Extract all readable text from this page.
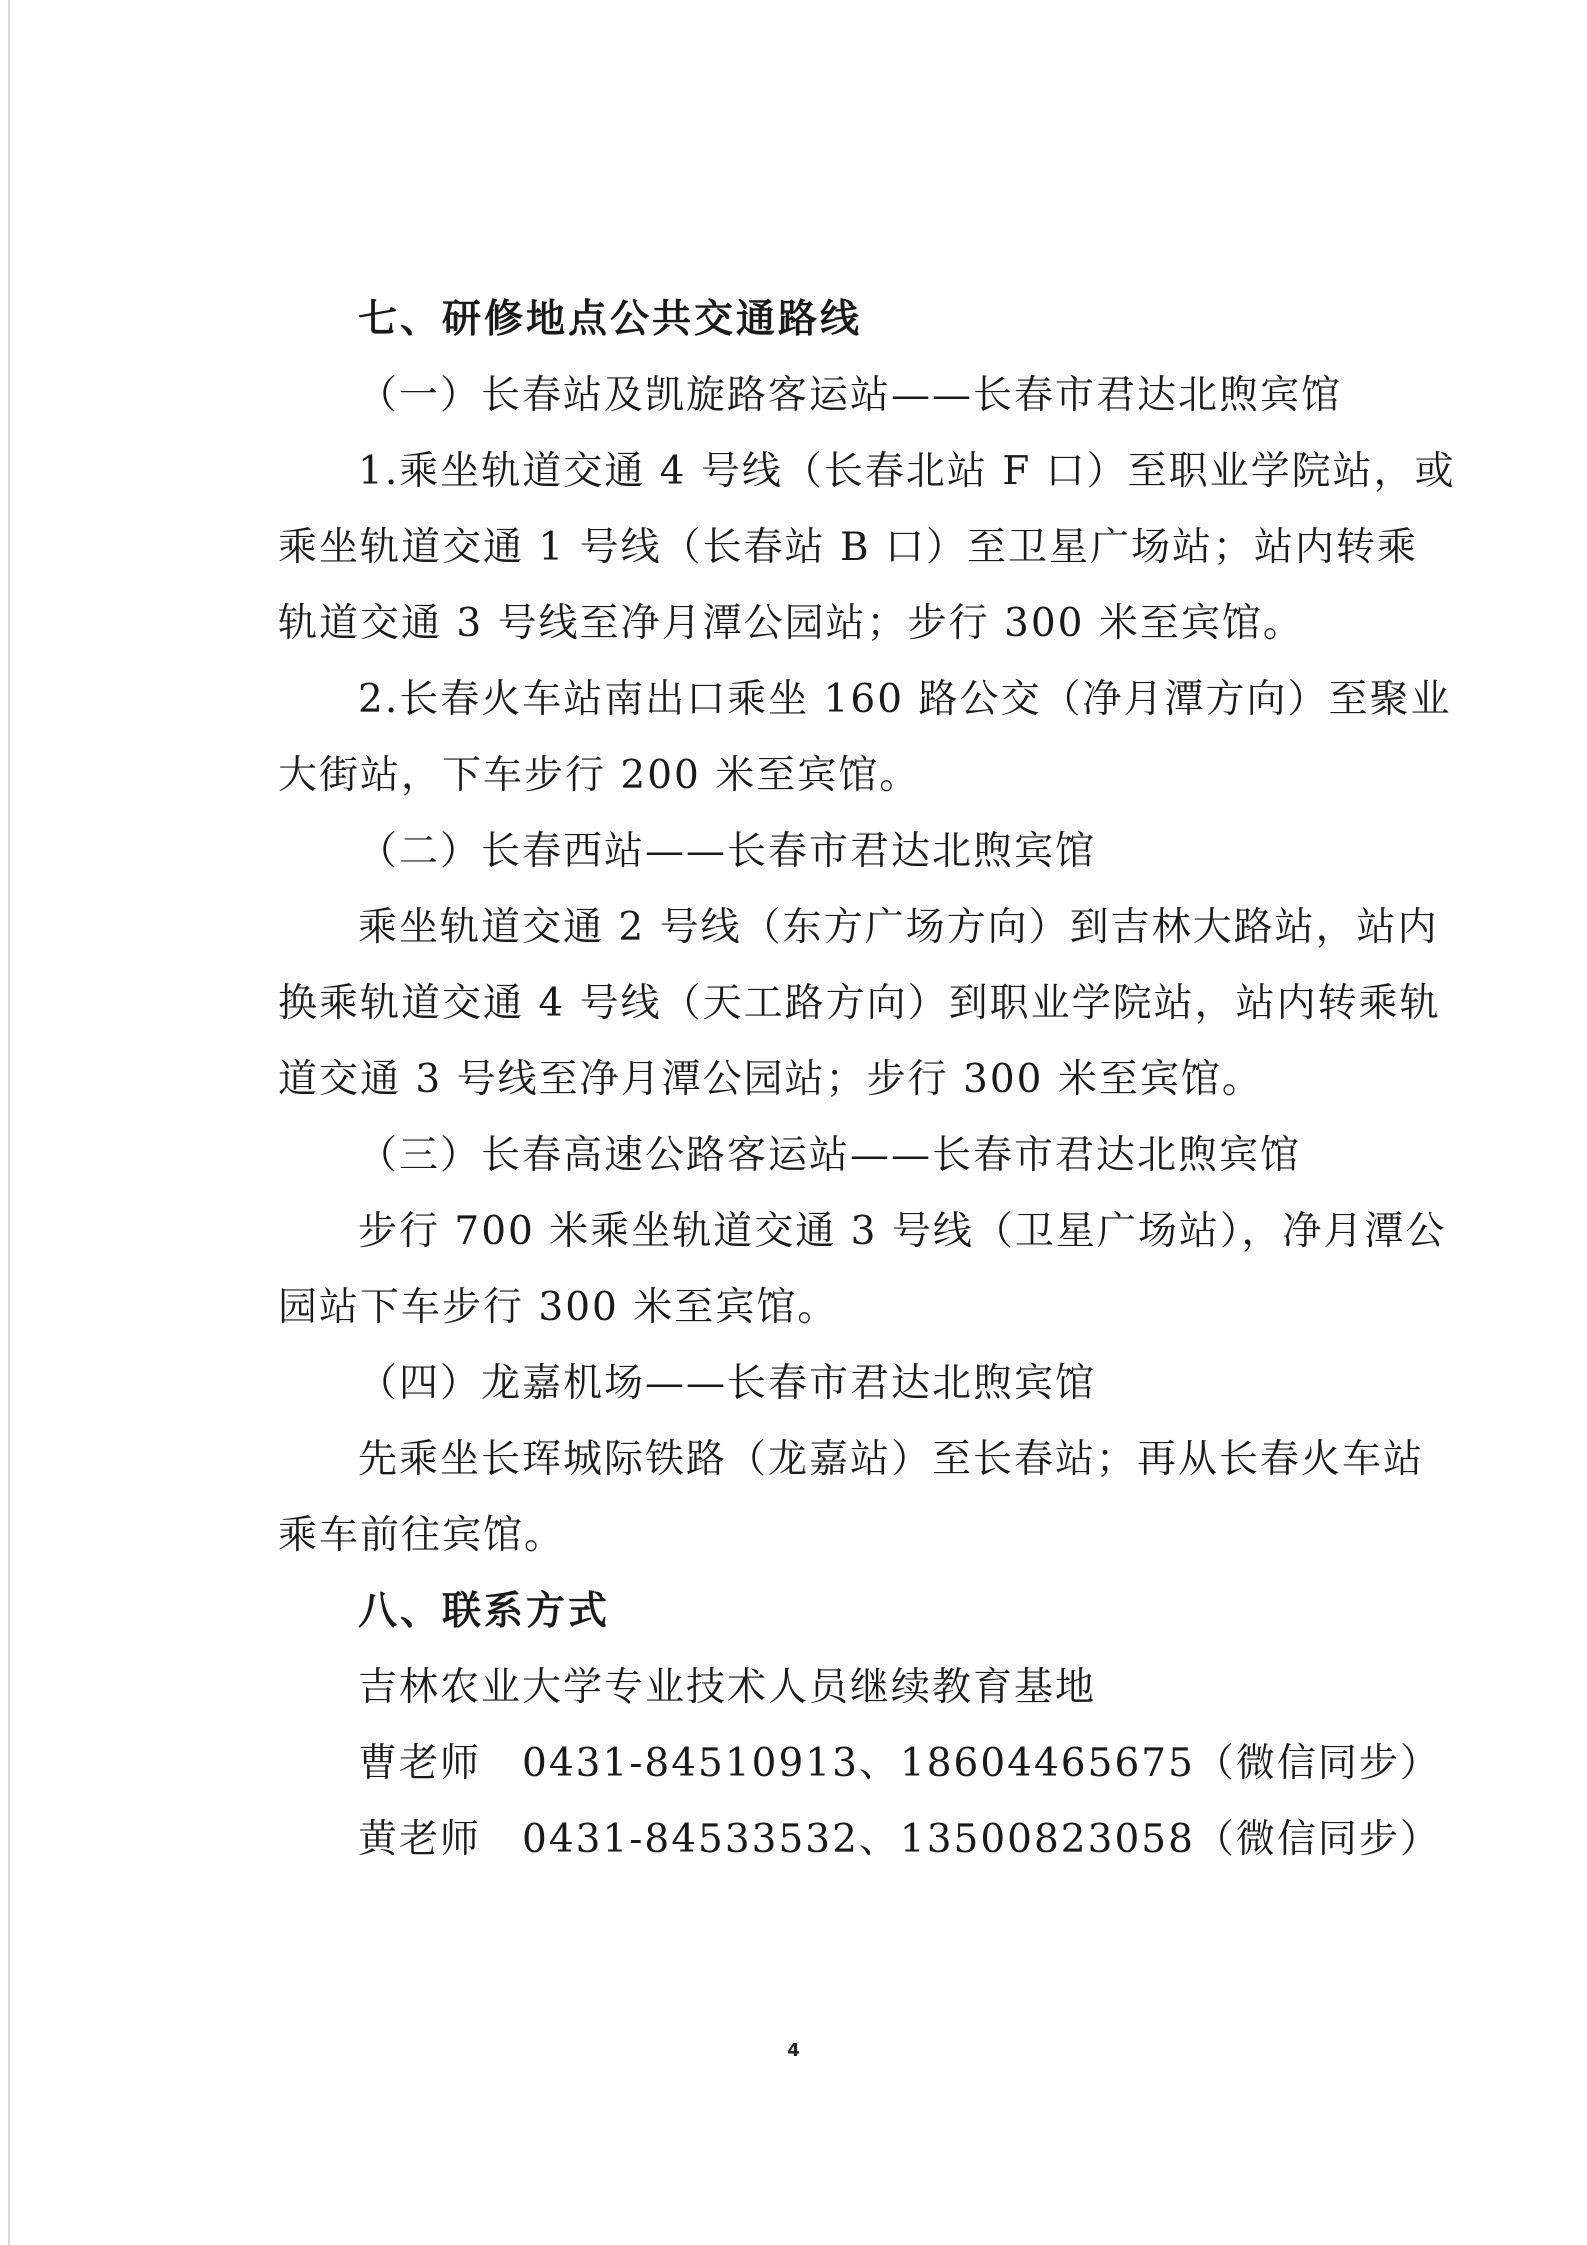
七、研修地点公共交通路线
（一）长春站及凯旋路客运站——长春市君达北煦宾馆
1.乘坐轨道交通 4 号线（长春北站 F 口）至职业学院站，或
乘坐轨道交通 1 号线（长春站 B 口）至卫星广场站；站内转乘
轨道交通 3 号线至净月潭公园站；步行 300 米至宾馆。
2.长春火车站南出口乘坐 160 路公交（净月潭方向）至聚业
大街站，下车步行 200 米至宾馆。
（二）长春西站——长春市君达北煦宾馆
乘坐轨道交通 2 号线（东方广场方向）到吉林大路站，站内
换乘轨道交通 4 号线（天工路方向）到职业学院站，站内转乘轨
道交通 3 号线至净月潭公园站；步行 300 米至宾馆。
（三）长春高速公路客运站——长春市君达北煦宾馆
步行 700 米乘坐轨道交通 3 号线（卫星广场站），净月潭公
园站下车步行 300 米至宾馆。
（四）龙嘉机场——长春市君达北煦宾馆
先乘坐长珲城际铁路（龙嘉站）至长春站；再从长春火车站
乘车前往宾馆。
八、联系方式
吉林农业大学专业技术人员继续教育基地
曹老师　0431-84510913、18604465675（微信同步）
黄老师　0431-84533532、13500823058（微信同步）
4
